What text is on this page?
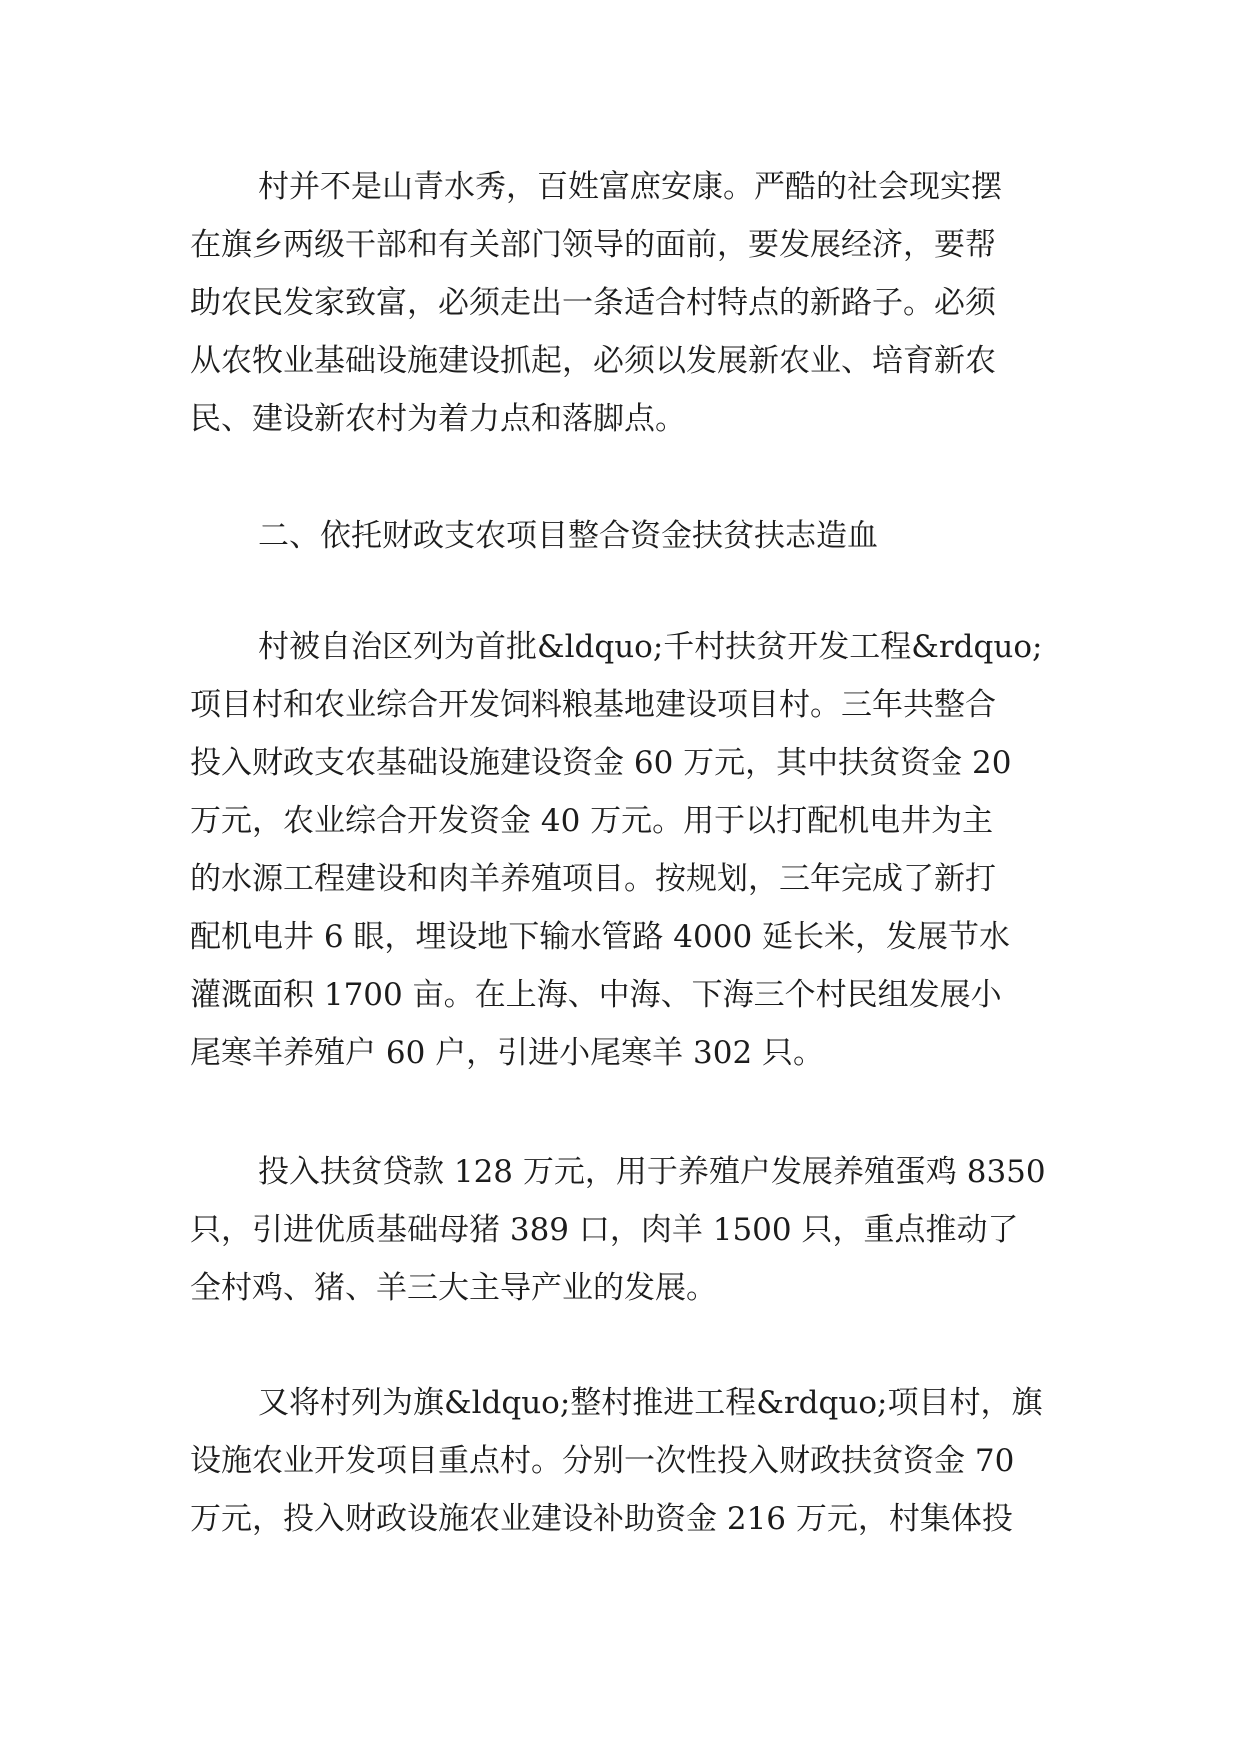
村并不是山青水秀，百姓富庶安康。严酷的社会现实摆
在旗乡两级干部和有关部门领导的面前，要发展经济，要帮
助农民发家致富，必须走出一条适合村特点的新路子。必须
从农牧业基础设施建设抓起，必须以发展新农业、培育新农
民、建设新农村为着力点和落脚点。
二、依托财政支农项目整合资金扶贫扶志造血
村被自治区列为首批&ldquo;千村扶贫开发工程&rdquo;
项目村和农业综合开发饲料粮基地建设项目村。三年共整合
投入财政支农基础设施建设资金 60 万元，其中扶贫资金 20
万元，农业综合开发资金 40 万元。用于以打配机电井为主
的水源工程建设和肉羊养殖项目。按规划，三年完成了新打
配机电井 6 眼，埋设地下输水管路 4000 延长米，发展节水
灌溉面积 1700 亩。在上海、中海、下海三个村民组发展小
尾寒羊养殖户 60 户，引进小尾寒羊 302 只。
投入扶贫贷款 128 万元，用于养殖户发展养殖蛋鸡 8350
只，引进优质基础母猪 389 口，肉羊 1500 只，重点推动了
全村鸡、猪、羊三大主导产业的发展。
又将村列为旗&ldquo;整村推进工程&rdquo;项目村，旗
设施农业开发项目重点村。分别一次性投入财政扶贫资金 70
万元，投入财政设施农业建设补助资金 216 万元，村集体投
